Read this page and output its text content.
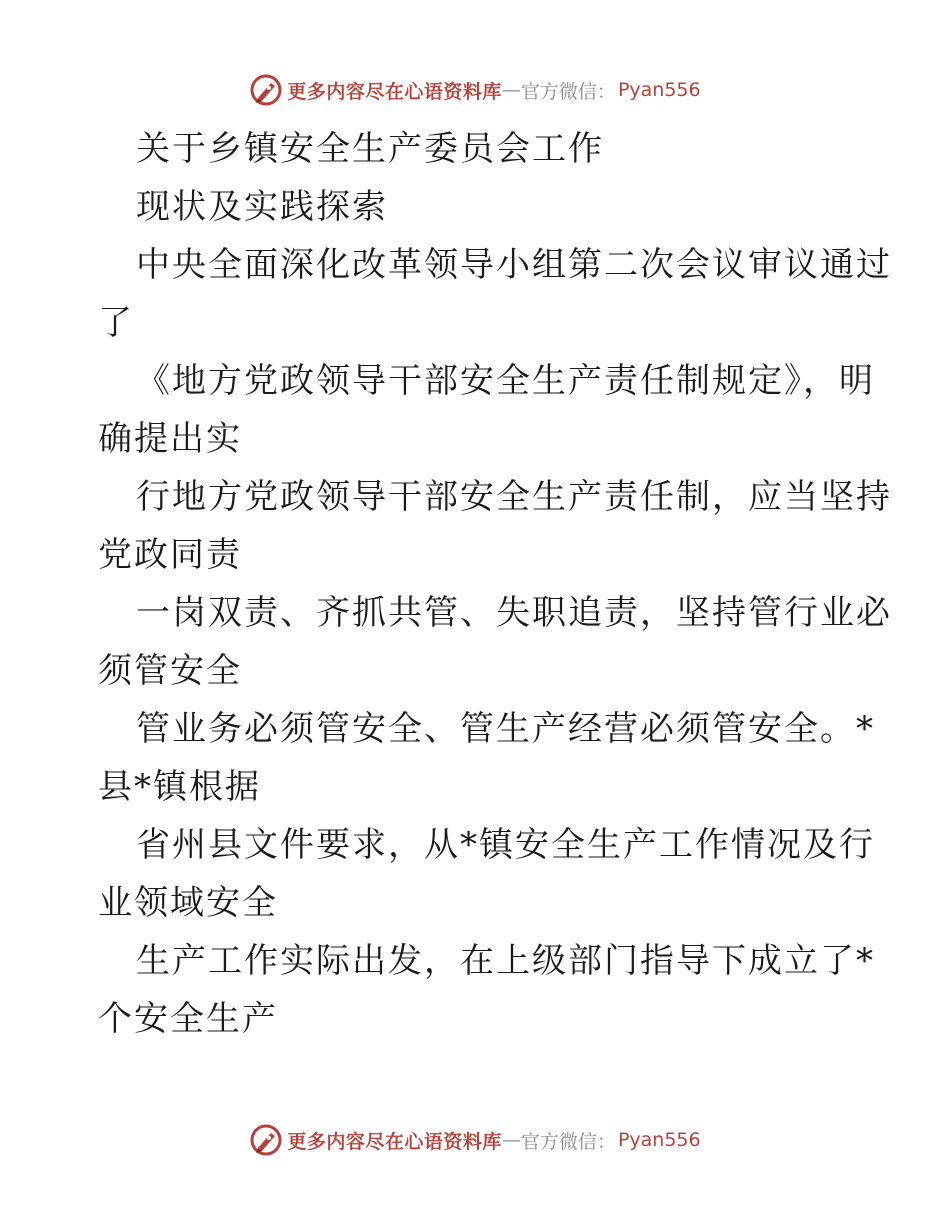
更多内容尽在心语资料库 — 官方微信： Pyan556
关于乡镇安全生产委员会工作
现状及实践探索
中央全面深化改革领导小组第二次会议审议通过
了
《地方党政领导干部安全生产责任制规定》，明
确提出实
行地方党政领导干部安全生产责任制，应当坚持
党政同责
一岗双责、齐抓共管、失职追责，坚持管行业必
须管安全
管业务必须管安全、管生产经营必须管安全。*
县*镇根据
省州县文件要求，从*镇安全生产工作情况及行
业领域安全
生产工作实际出发，在上级部门指导下成立了*
个安全生产
更多内容尽在心语资料库 — 官方微信： Pyan556
